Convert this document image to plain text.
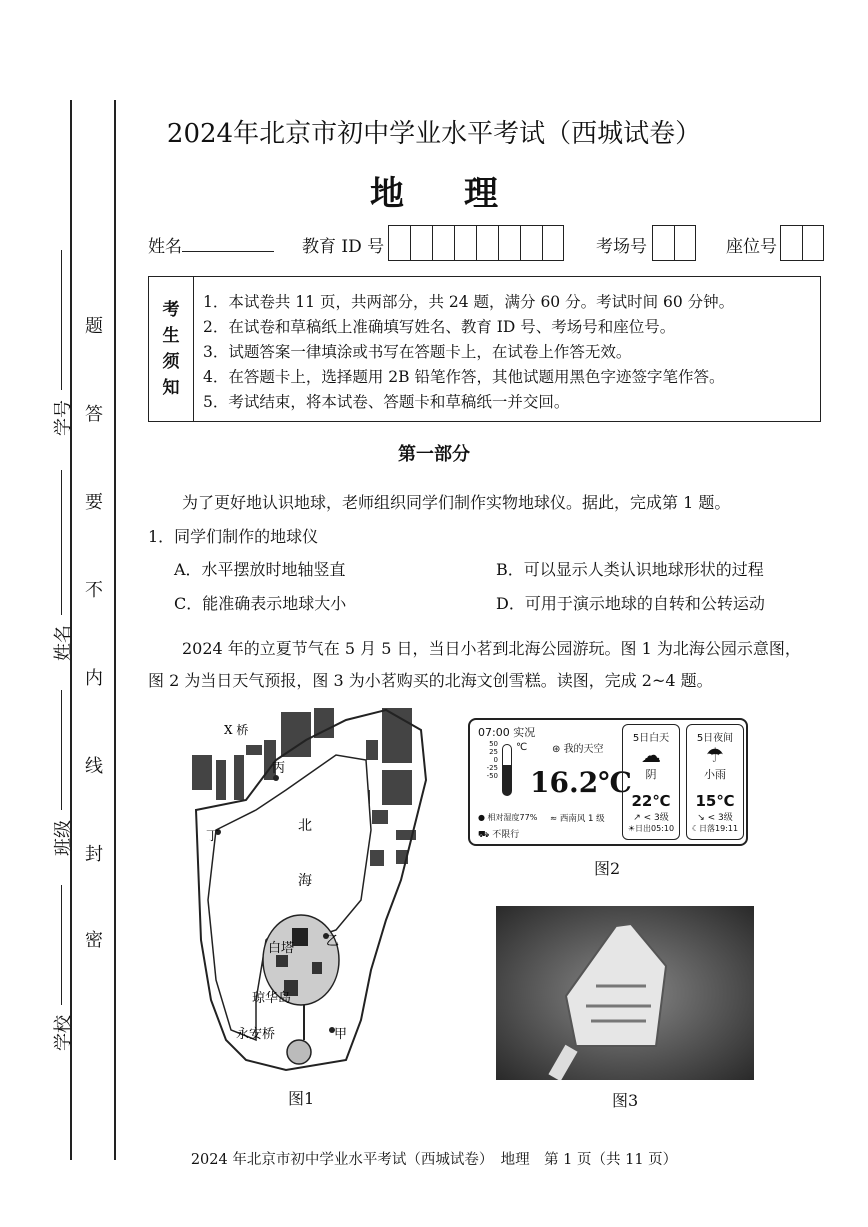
题
答
要
不
内
线
封
密
学号
姓名
班级
学校
2024年北京市初中学业水平考试（西城试卷）
地理
姓名	教育 ID 号	考场号	座位号
考
生
须
知
1．本试卷共 11 页，共两部分，共 24 题，满分 60 分。考试时间 60 分钟。
2．在试卷和草稿纸上准确填写姓名、教育 ID 号、考场号和座位号。
3．试题答案一律填涂或书写在答题卡上，在试卷上作答无效。
4．在答题卡上，选择题用 2B 铅笔作答，其他试题用黑色字迹签字笔作答。
5．考试结束，将本试卷、答题卡和草稿纸一并交回。
第一部分
为了更好地认识地球，老师组织同学们制作实物地球仪。据此，完成第 1 题。
1．同学们制作的地球仪
A．水平摆放时地轴竖直	B．可以显示人类认识地球形状的过程
C．能准确表示地球大小	D．可用于演示地球的自转和公转运动
2024 年的立夏节气在 5 月 5 日，当日小茗到北海公园游玩。图 1 为北海公园示意图，
图 2 为当日天气预报，图 3 为小茗购买的北海文创雪糕。读图，完成 2~4 题。
X 桥
丙
丁
北
海
白塔 乙
琼华岛
永安桥	甲
图1
07:00 实况
50
25
0
-25
-50
℃ ⊛ 我的天空
16.2℃
● 相对湿度77% ≈ 西南风 1 级
⛟ 不限行
5日白天
☁
阴
22℃
↗ < 3级
☀日出05:10
5日夜间
☂
小雨
15℃
↘ < 3级
☾日落19:11
图2
图3
2024 年北京市初中学业水平考试（西城试卷）　地理　第 1 页（共 11 页）
